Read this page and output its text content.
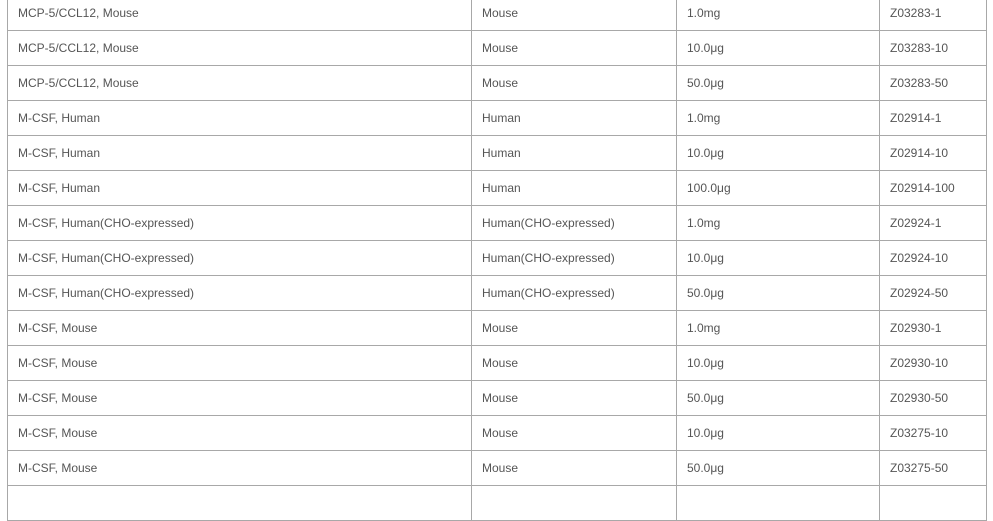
MCP-5/CCL12, Mouse	Mouse	1.0mg	Z03283-1
MCP-5/CCL12, Mouse	Mouse	10.0μg	Z03283-10
MCP-5/CCL12, Mouse	Mouse	50.0μg	Z03283-50
M-CSF, Human	Human	1.0mg	Z02914-1
M-CSF, Human	Human	10.0μg	Z02914-10
M-CSF, Human	Human	100.0μg	Z02914-100
M-CSF, Human(CHO-expressed)	Human(CHO-expressed)	1.0mg	Z02924-1
M-CSF, Human(CHO-expressed)	Human(CHO-expressed)	10.0μg	Z02924-10
M-CSF, Human(CHO-expressed)	Human(CHO-expressed)	50.0μg	Z02924-50
M-CSF, Mouse	Mouse	1.0mg	Z02930-1
M-CSF, Mouse	Mouse	10.0μg	Z02930-10
M-CSF, Mouse	Mouse	50.0μg	Z02930-50
M-CSF, Mouse	Mouse	10.0μg	Z03275-10
M-CSF, Mouse	Mouse	50.0μg	Z03275-50
